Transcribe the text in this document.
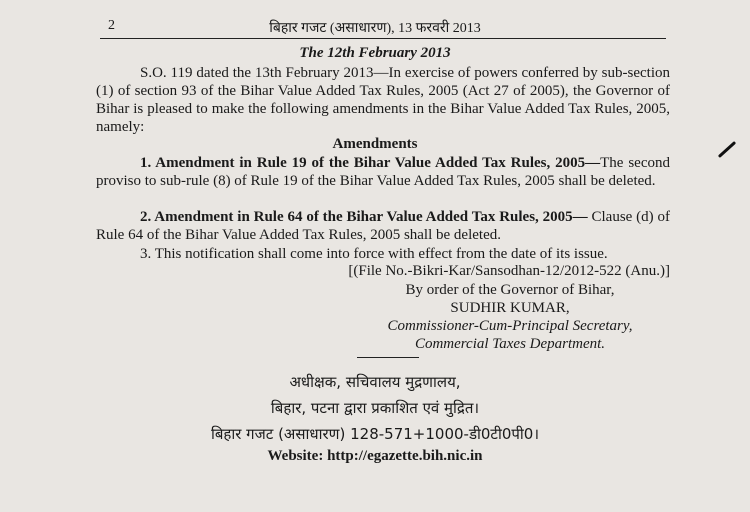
2	बिहार गजट (असाधारण), 13 फरवरी 2013
The 12th February 2013
S.O. 119 dated the 13th February 2013—In exercise of powers conferred by sub-section (1) of section 93 of the Bihar Value Added Tax Rules, 2005 (Act 27 of 2005), the Governor of Bihar is pleased to make the following amendments in the Bihar Value Added Tax Rules, 2005, namely:
Amendments
1. Amendment in Rule 19 of the Bihar Value Added Tax Rules, 2005—The second proviso to sub-rule (8) of Rule 19 of the Bihar Value Added Tax Rules, 2005 shall be deleted.
2. Amendment in Rule 64 of the Bihar Value Added Tax Rules, 2005— Clause (d) of Rule 64 of the Bihar Value Added Tax Rules, 2005 shall be deleted.
3. This notification shall come into force with effect from the date of its issue.
[(File No.-Bikri-Kar/Sansodhan-12/2012-522 (Anu.)]
By order of the Governor of Bihar,
SUDHIR KUMAR,
Commissioner-Cum-Principal Secretary,
Commercial Taxes Department.
अधीक्षक, सचिवालय मुद्रणालय,
बिहार, पटना द्वारा प्रकाशित एवं मुद्रित।
बिहार गजट (असाधारण) 128-571+1000-डी0टी0पी0।
Website: http://egazette.bih.nic.in
